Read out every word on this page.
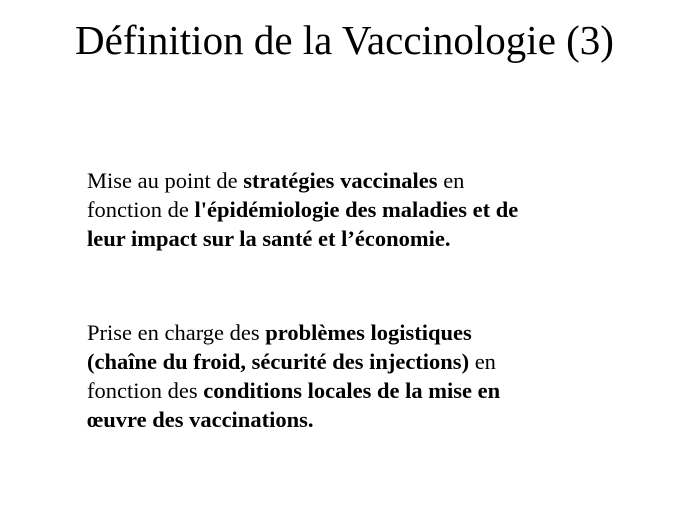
Définition de la Vaccinologie (3)
Mise au point de stratégies vaccinales en
fonction de l'épidémiologie des maladies et de
leur impact sur la santé et l’économie.
Prise en charge des problèmes logistiques
(chaîne du froid, sécurité des injections) en
fonction des conditions locales de la mise en
œuvre des vaccinations.
